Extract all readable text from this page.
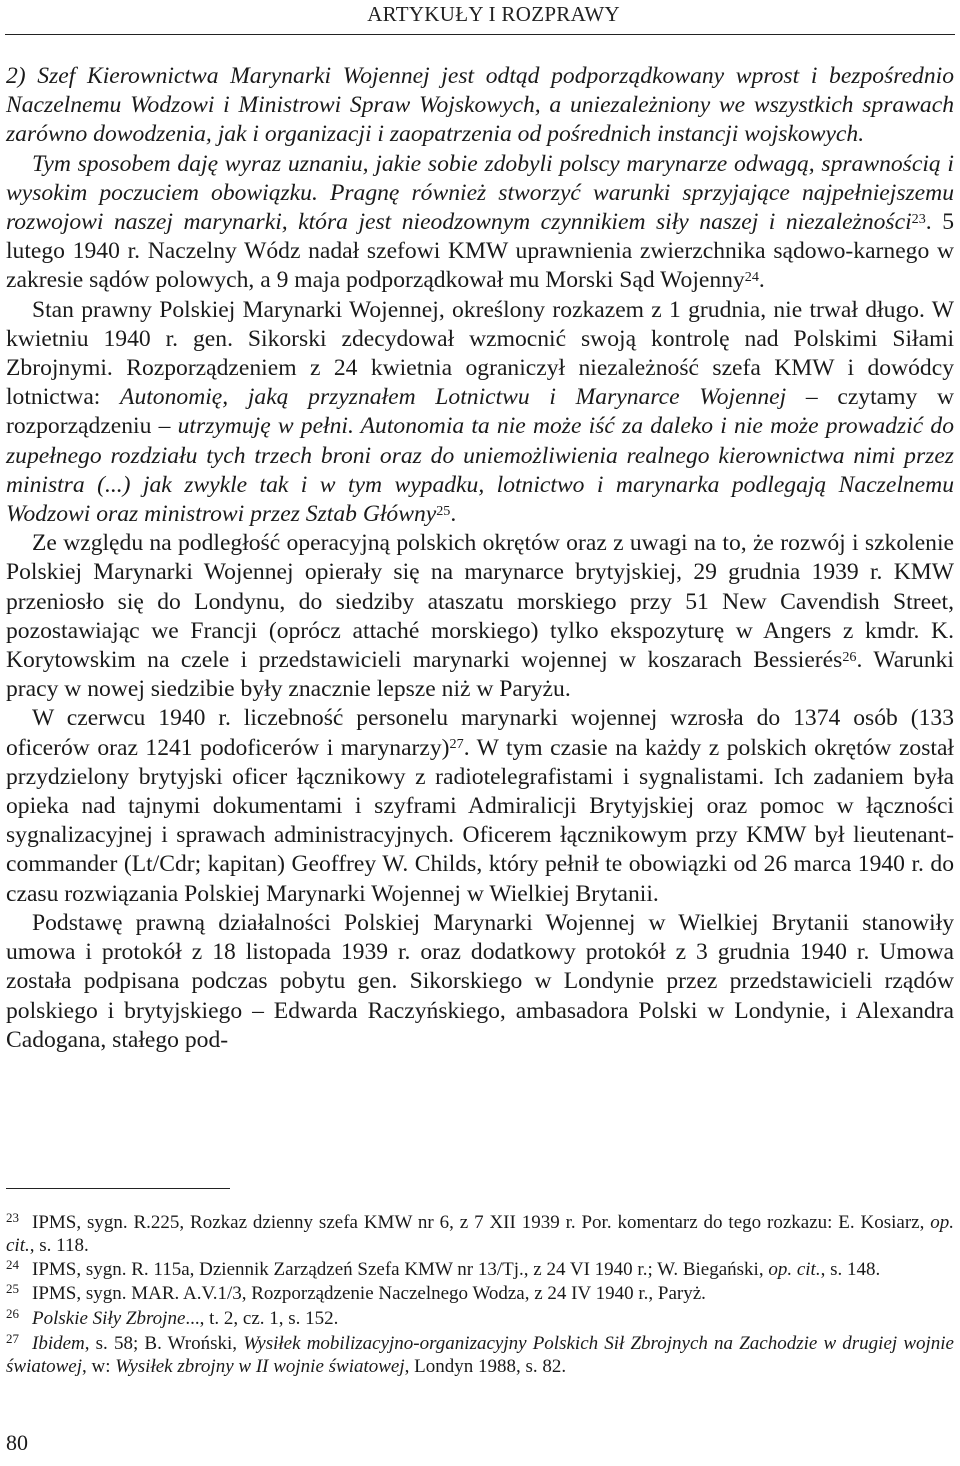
ARTYKUŁY I ROZPRAWY

2) Szef Kierownictwa Marynarki Wojennej jest odtąd podporządkowany wprost i bezpośrednio Naczelnemu Wodzowi i Ministrowi Spraw Wojskowych, a uniezależniony we wszystkich sprawach zarówno dowodzenia, jak i organizacji i zaopatrzenia od pośrednich instancji wojskowych.

Tym sposobem daję wyraz uznaniu, jakie sobie zdobyli polscy marynarze odwagą, sprawnością i wysokim poczuciem obowiązku. Pragnę również stworzyć warunki sprzyjające najpełniejszemu rozwojowi naszej marynarki, która jest nieodzownym czynnikiem siły naszej i niezależności$^{23}$. 5 lutego 1940 r. Naczelny Wódz nadał szefowi KMW uprawnienia zwierzchnika sądowo-karnego w zakresie sądów polowych, a 9 maja podporządkował mu Morski Sąd Wojenny$^{24}$.

Stan prawny Polskiej Marynarki Wojennej, określony rozkazem z 1 grudnia, nie trwał długo. W kwietniu 1940 r. gen. Sikorski zdecydował wzmocnić swoją kontrolę nad Polskimi Siłami Zbrojnymi. Rozporządzeniem z 24 kwietnia ograniczył niezależność szefa KMW i dowódcy lotnictwa: Autonomię, jaką przyznałem Lotnictwu i Marynarce Wojennej – czytamy w rozporządzeniu – utrzymuję w pełni. Autonomia ta nie może iść za daleko i nie może prowadzić do zupełnego rozdziału tych trzech broni oraz do uniemożliwienia realnego kierownictwa nimi przez ministra (...) jak zwykle tak i w tym wypadku, lotnictwo i marynarka podlegają Naczelnemu Wodzowi oraz ministrowi przez Sztab Główny$^{25}$.

Ze względu na podległość operacyjną polskich okrętów oraz z uwagi na to, że rozwój i szkolenie Polskiej Marynarki Wojennej opierały się na marynarce brytyjskiej, 29 grudnia 1939 r. KMW przeniosło się do Londynu, do siedziby ataszatu morskiego przy 51 New Cavendish Street, pozostawiając we Francji (oprócz attaché morskiego) tylko ekspozyturę w Angers z kmdr. K. Korytowskim na czele i przedstawicieli marynarki wojennej w koszarach Bessierés$^{26}$. Warunki pracy w nowej siedzibie były znacznie lepsze niż w Paryżu.

W czerwcu 1940 r. liczebność personelu marynarki wojennej wzrosła do 1374 osób (133 oficerów oraz 1241 podoficerów i marynarzy)$^{27}$. W tym czasie na każdy z polskich okrętów został przydzielony brytyjski oficer łącznikowy z radiotelegrafistami i sygnalistami. Ich zadaniem była opieka nad tajnymi dokumentami i szyframi Admiralicji Brytyjskiej oraz pomoc w łączności sygnalizacyjnej i sprawach administracyjnych. Oficerem łącznikowym przy KMW był lieutenant-commander (Lt/Cdr; kapitan) Geoffrey W. Childs, który pełnił te obowiązki od 26 marca 1940 r. do czasu rozwiązania Polskiej Marynarki Wojennej w Wielkiej Brytanii.

Podstawę prawną działalności Polskiej Marynarki Wojennej w Wielkiej Brytanii stanowiły umowa i protokół z 18 listopada 1939 r. oraz dodatkowy protokół z 3 grudnia 1940 r. Umowa została podpisana podczas pobytu gen. Sikorskiego w Londynie przez przedstawicieli rządów polskiego i brytyjskiego – Edwarda Raczyńskiego, ambasadora Polski w Londynie, i Alexandra Cadogana, stałego pod-

23 IPMS, sygn. R.225, Rozkaz dzienny szefa KMW nr 6, z 7 XII 1939 r. Por. komentarz do tego rozkazu: E. Kosiarz, op. cit., s. 118.

24 IPMS, sygn. R. 115a, Dziennik Zarządzeń Szefa KMW nr 13/Tj., z 24 VI 1940 r.; W. Biegański, op. cit., s. 148.

25 IPMS, sygn. MAR. A.V.1/3, Rozporządzenie Naczelnego Wodza, z 24 IV 1940 r., Paryż.

26 Polskie Siły Zbrojne..., t. 2, cz. 1, s. 152.

27 Ibidem, s. 58; B. Wroński, Wysiłek mobilizacyjno-organizacyjny Polskich Sił Zbrojnych na Zachodzie w drugiej wojnie światowej, w: Wysiłek zbrojny w II wojnie światowej, Londyn 1988, s. 82.

80
